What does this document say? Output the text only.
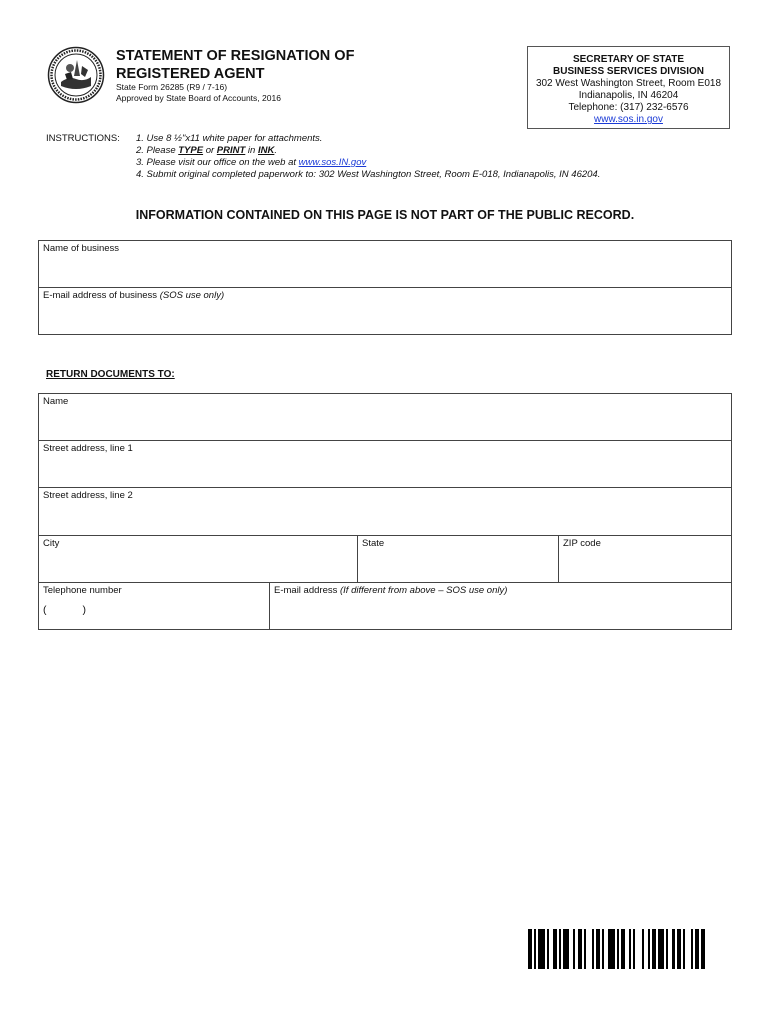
STATEMENT OF RESIGNATION OF
REGISTERED AGENT
State Form 26285 (R9 / 7-16)
Approved by State Board of Accounts, 2016
SECRETARY OF STATE
BUSINESS SERVICES DIVISION
302 West Washington Street, Room E018
Indianapolis, IN 46204
Telephone: (317) 232-6576
www.sos.in.gov
INSTRUCTIONS: 1. Use 8 ½"x11 white paper for attachments.
2. Please TYPE or PRINT in INK.
3. Please visit our office on the web at www.sos.IN.gov
4. Submit original completed paperwork to: 302 West Washington Street, Room E-018, Indianapolis, IN 46204.
INFORMATION CONTAINED ON THIS PAGE IS NOT PART OF THE PUBLIC RECORD.
Name of business
E-mail address of business (SOS use only)
RETURN DOCUMENTS TO:
Name
Street address, line 1
Street address, line 2
City	State	ZIP code
Telephone number
(	)
E-mail address (If different from above – SOS use only)
